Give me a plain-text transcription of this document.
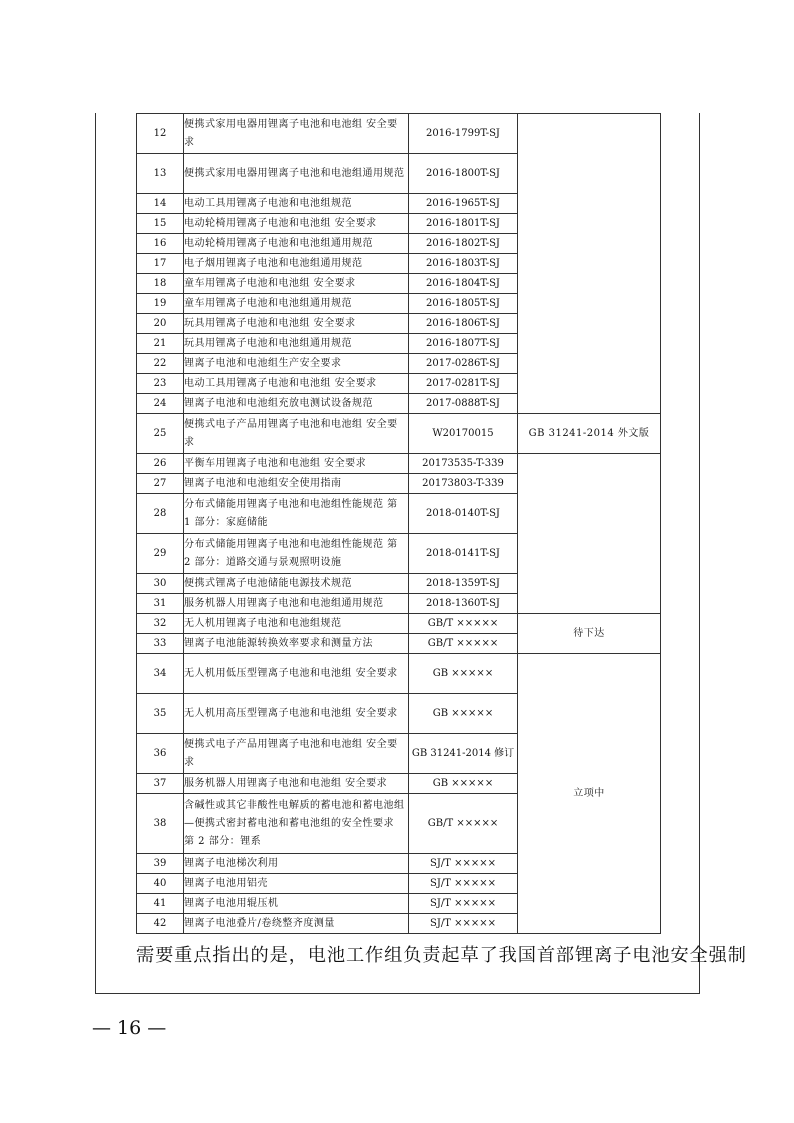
12	便携式家用电器用锂离子电池和电池组 安全要求	2016-1799T-SJ	
13	便携式家用电器用锂离子电池和电池组通用规范	2016-1800T-SJ	
14	电动工具用锂离子电池和电池组规范	2016-1965T-SJ	
15	电动轮椅用锂离子电池和电池组 安全要求	2016-1801T-SJ	
16	电动轮椅用锂离子电池和电池组通用规范	2016-1802T-SJ	
17	电子烟用锂离子电池和电池组通用规范	2016-1803T-SJ	
18	童车用锂离子电池和电池组 安全要求	2016-1804T-SJ	
19	童车用锂离子电池和电池组通用规范	2016-1805T-SJ	
20	玩具用锂离子电池和电池组 安全要求	2016-1806T-SJ	
21	玩具用锂离子电池和电池组通用规范	2016-1807T-SJ	
22	锂离子电池和电池组生产安全要求	2017-0286T-SJ	
23	电动工具用锂离子电池和电池组 安全要求	2017-0281T-SJ	
24	锂离子电池和电池组充放电测试设备规范	2017-0888T-SJ	
25	便携式电子产品用锂离子电池和电池组 安全要求	W20170015	GB 31241-2014 外文版
26	平衡车用锂离子电池和电池组 安全要求	20173535-T-339	
27	锂离子电池和电池组安全使用指南	20173803-T-339	
28	分布式储能用锂离子电池和电池组性能规范 第 1 部分：家庭储能	2018-0140T-SJ	
29	分布式储能用锂离子电池和电池组性能规范 第 2 部分：道路交通与景观照明设施	2018-0141T-SJ	
30	便携式锂离子电池储能电源技术规范	2018-1359T-SJ	
31	服务机器人用锂离子电池和电池组通用规范	2018-1360T-SJ	
32	无人机用锂离子电池和电池组规范	GB/T ×××××	待下达
33	锂离子电池能源转换效率要求和测量方法	GB/T ×××××	
34	无人机用低压型锂离子电池和电池组 安全要求	GB ×××××	立项中
35	无人机用高压型锂离子电池和电池组 安全要求	GB ×××××	
36	便携式电子产品用锂离子电池和电池组 安全要求	GB 31241-2014 修订	
37	服务机器人用锂离子电池和电池组 安全要求	GB ×××××	
38	含碱性或其它非酸性电解质的蓄电池和蓄电池组—便携式密封蓄电池和蓄电池组的安全性要求 第 2 部分：锂系	GB/T ×××××	
39	锂离子电池梯次利用	SJ/T ×××××	
40	锂离子电池用铝壳	SJ/T ×××××	
41	锂离子电池用辊压机	SJ/T ×××××	
42	锂离子电池叠片/卷绕整齐度测量	SJ/T ×××××	
需要重点指出的是，电池工作组负责起草了我国首部锂离子电池安全强制
— 16 —
